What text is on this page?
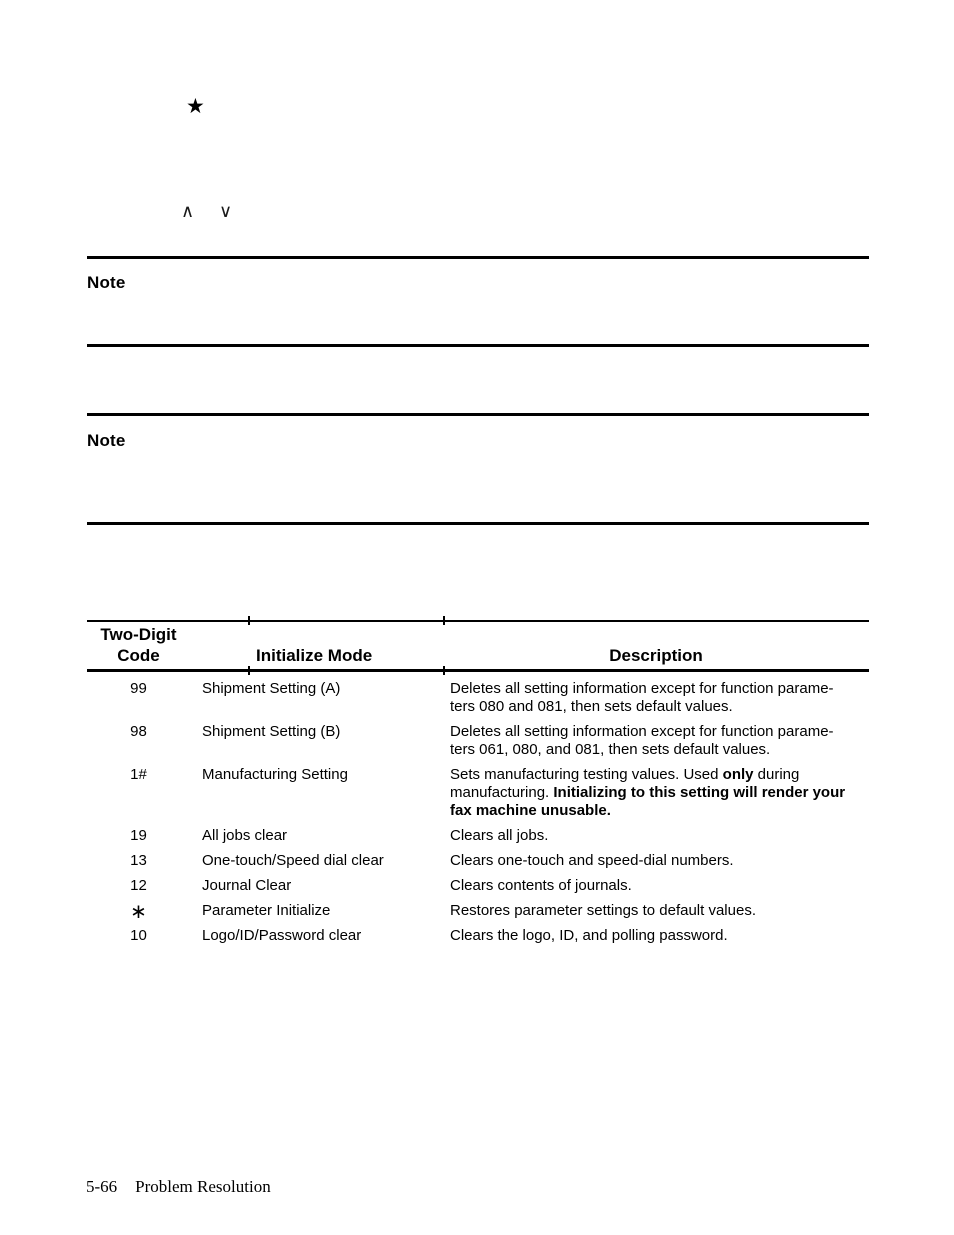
★
∧ ∨
Note
Note
Two-Digit
Code	Initialize Mode	Description
99	Shipment Setting (A)	Deletes all setting information except for function parame-
ters 080 and 081, then sets default values.
98	Shipment Setting (B)	Deletes all setting information except for function parame-
ters 061, 080, and 081, then sets default values.
1#	Manufacturing Setting	Sets manufacturing testing values. Used only during
manufacturing. Initializing to this setting will render your
fax machine unusable.
19	All jobs clear	Clears all jobs.
13	One-touch/Speed dial clear	Clears one-touch and speed-dial numbers.
12	Journal Clear	Clears contents of journals.
∗	Parameter Initialize	Restores parameter settings to default values.
10	Logo/ID/Password clear	Clears the logo, ID, and polling password.
5-66 Problem Resolution
